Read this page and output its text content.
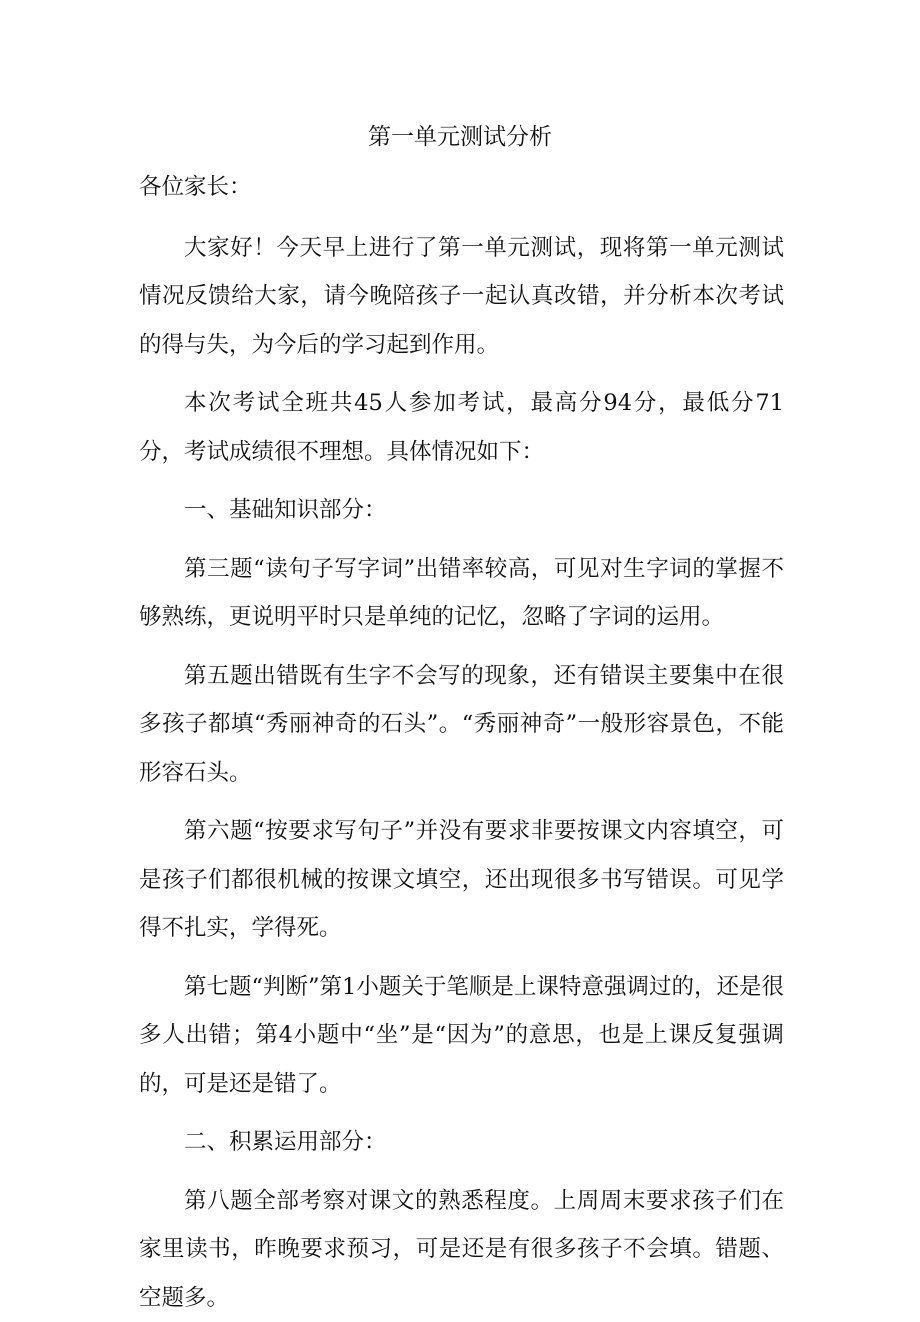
第一单元测试分析

各位家长：

大家好！今天早上进行了第一单元测试，现将第一单元测试情况反馈给大家，请今晚陪孩子一起认真改错，并分析本次考试的得与失，为今后的学习起到作用。

本次考试全班共45人参加考试，最高分94分，最低分71分，考试成绩很不理想。具体情况如下：

一、基础知识部分：

第三题“读句子写字词”出错率较高，可见对生字词的掌握不够熟练，更说明平时只是单纯的记忆，忽略了字词的运用。

第五题出错既有生字不会写的现象，还有错误主要集中在很多孩子都填“秀丽神奇的石头”。“秀丽神奇”一般形容景色，不能形容石头。

第六题“按要求写句子”并没有要求非要按课文内容填空，可是孩子们都很机械的按课文填空，还出现很多书写错误。可见学得不扎实，学得死。

第七题“判断”第1小题关于笔顺是上课特意强调过的，还是很多人出错；第4小题中“坐”是“因为”的意思，也是上课反复强调的，可是还是错了。

二、积累运用部分：

第八题全部考察对课文的熟悉程度。上周周末要求孩子们在家里读书，昨晚要求预习，可是还是有很多孩子不会填。错题、空题多。
